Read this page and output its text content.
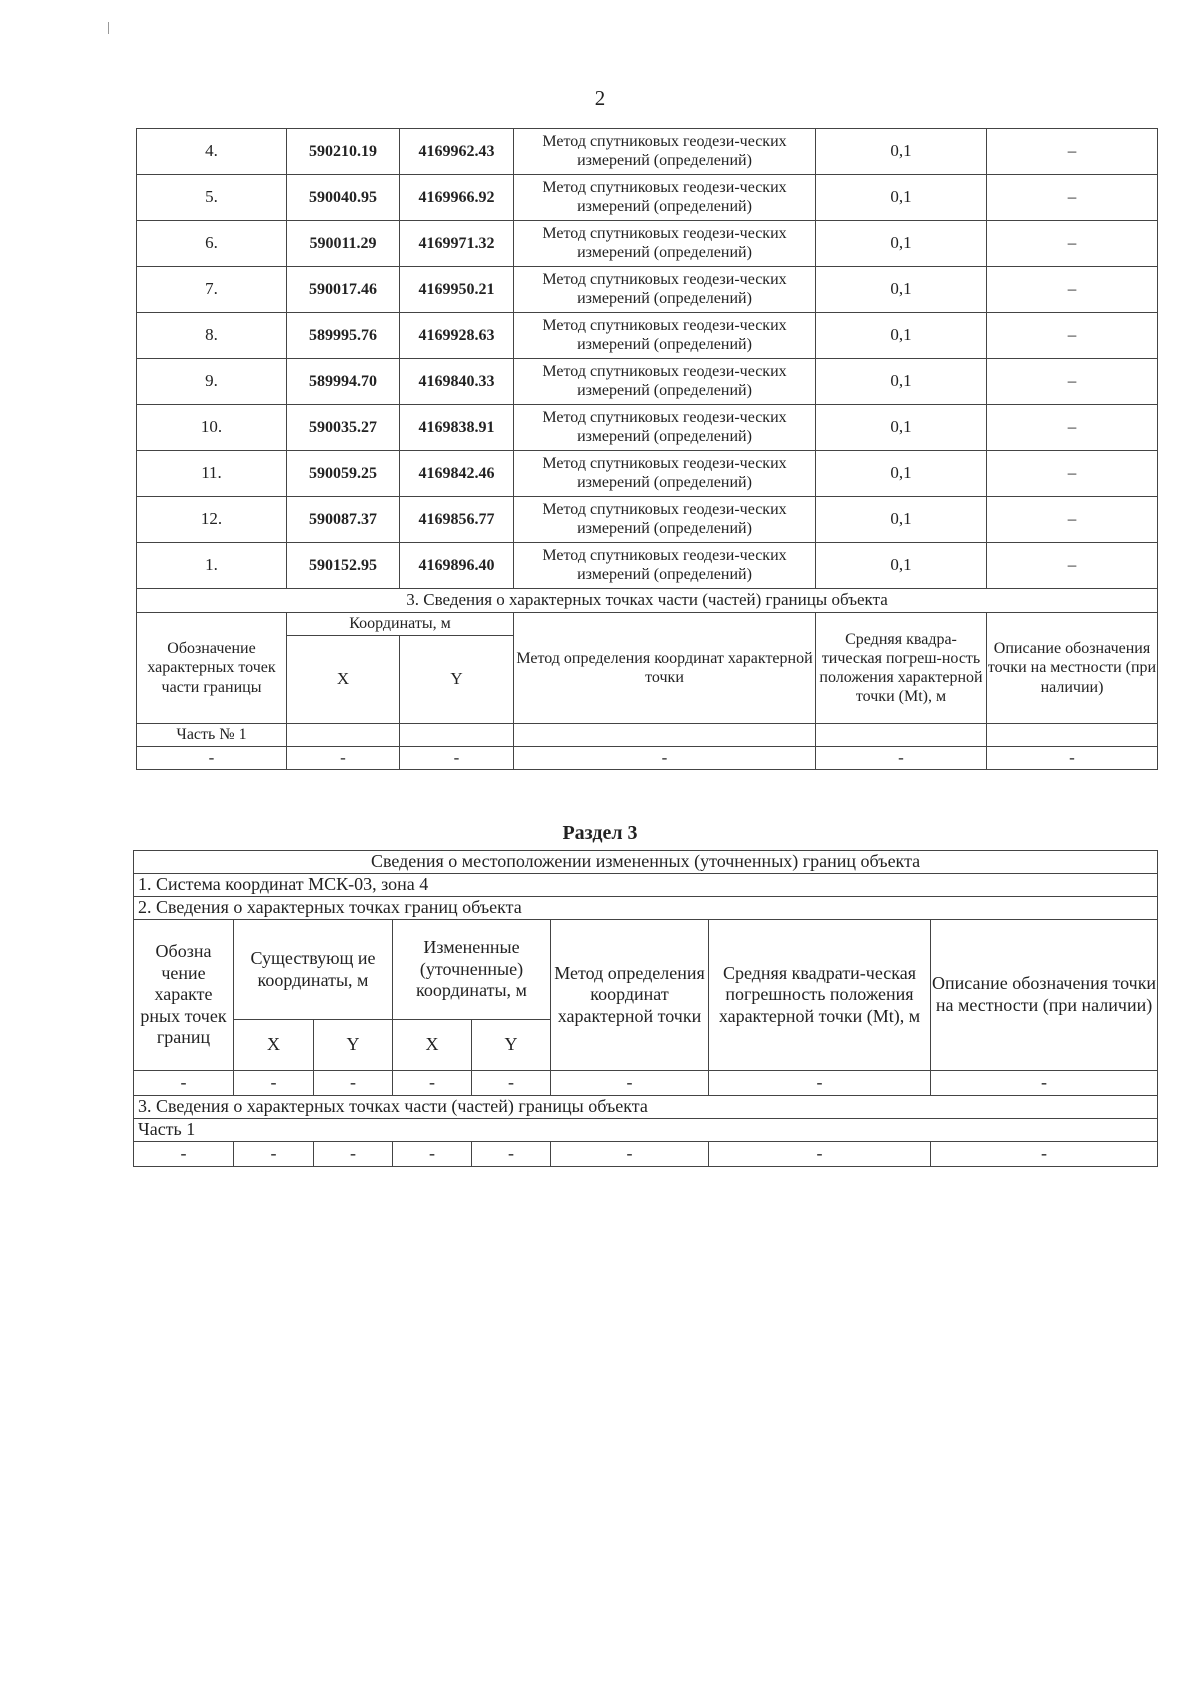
2
4.	590210.19	4169962.43	Метод спутниковых геодези-ческих измерений (определений)	0,1	–
5.	590040.95	4169966.92	Метод спутниковых геодези-ческих измерений (определений)	0,1	–
6.	590011.29	4169971.32	Метод спутниковых геодези-ческих измерений (определений)	0,1	–
7.	590017.46	4169950.21	Метод спутниковых геодези-ческих измерений (определений)	0,1	–
8.	589995.76	4169928.63	Метод спутниковых геодези-ческих измерений (определений)	0,1	–
9.	589994.70	4169840.33	Метод спутниковых геодези-ческих измерений (определений)	0,1	–
10.	590035.27	4169838.91	Метод спутниковых геодези-ческих измерений (определений)	0,1	–
11.	590059.25	4169842.46	Метод спутниковых геодези-ческих измерений (определений)	0,1	–
12.	590087.37	4169856.77	Метод спутниковых геодези-ческих измерений (определений)	0,1	–
1.	590152.95	4169896.40	Метод спутниковых геодези-ческих измерений (определений)	0,1	–
3. Сведения о характерных точках части (частей) границы объекта					
Обозначение характерных точек части границы	Координаты, м		Метод определения координат характерной точки	Средняя квадра-тическая погреш-ность положения характерной точки (Mt), м	Описание обозначения точки на местности (при наличии)
	X	Y			
Часть № 1					
-	-	-	-	-	-
Раздел 3
Сведения о местоположении измененных (уточненных) границ объекта							
1. Система координат МСК-03, зона 4							
2. Сведения о характерных точках границ объекта							
Обозна чение характе рных точек границ	Существующ ие координаты, м		Измененные (уточненные) координаты, м		Метод определения координат характерной точки	Средняя квадрати-ческая погрешность положения характерной точки (Mt), м	Описание обозначения точки на местности (при наличии)
	X	Y	X	Y			
-	-	-	-	-	-	-	-
3. Сведения о характерных точках части (частей) границы объекта							
Часть 1							
-	-	-	-	-	-	-	-
